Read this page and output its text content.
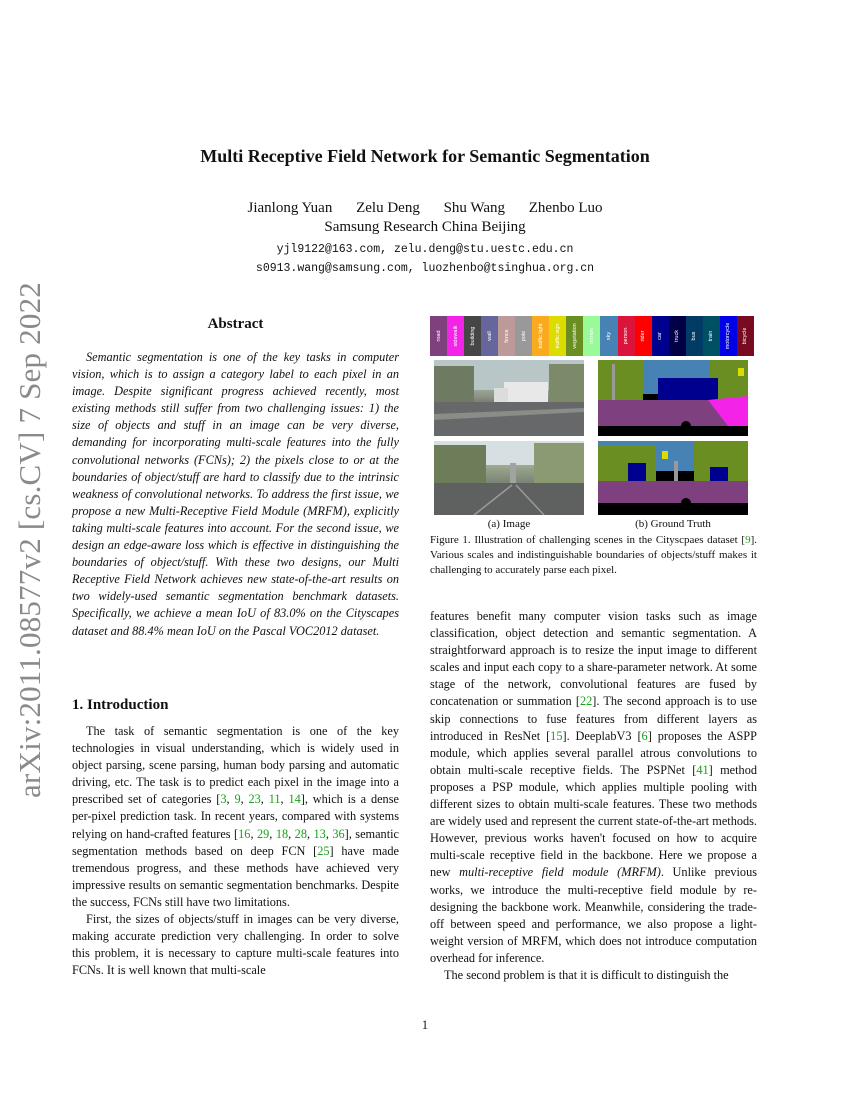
arXiv:2011.08577v2 [cs.CV] 7 Sep 2022
Multi Receptive Field Network for Semantic Segmentation
Jianlong Yuan Zelu Deng Shu Wang Zhenbo Luo
Samsung Research China Beijing
yjl9122@163.com, zelu.deng@stu.uestc.edu.cn
s0913.wang@samsung.com, luozhenbo@tsinghua.org.cn
Abstract
Semantic segmentation is one of the key tasks in computer vision, which is to assign a category label to each pixel in an image. Despite significant progress achieved recently, most existing methods still suffer from two challenging issues: 1) the size of objects and stuff in an image can be very diverse, demanding for incorporating multi-scale features into the fully convolutional networks (FCNs); 2) the pixels close to or at the boundaries of object/stuff are hard to classify due to the intrinsic weakness of convolutional networks. To address the first issue, we propose a new Multi-Receptive Field Module (MRFM), explicitly taking multi-scale features into account. For the second issue, we design an edge-aware loss which is effective in distinguishing the boundaries of object/stuff. With these two designs, our Multi Receptive Field Network achieves new state-of-the-art results on two widely-used semantic segmentation benchmark datasets. Specifically, we achieve a mean IoU of 83.0% on the Cityscapes dataset and 88.4% mean IoU on the Pascal VOC2012 dataset.
1. Introduction

The task of semantic segmentation is one of the key technologies in visual understanding, which is widely used in object parsing, scene parsing, human body parsing and automatic driving, etc. The task is to predict each pixel in the image into a prescribed set of categories [3, 9, 23, 11, 14], which is a dense per-pixel prediction task. In recent years, compared with systems relying on hand-crafted features [16, 29, 18, 28, 13, 36], semantic segmentation methods based on deep FCN [25] have made tremendous progress, and these methods have achieved very impressive results on semantic segmentation benchmarks. Despite the success, FCNs still have two limitations.

First, the sizes of objects/stuff in images can be very diverse, making accurate prediction very challenging. In order to solve this problem, it is necessary to capture multi-scale features into FCNs. It is well known that multi-scale

features benefit many computer vision tasks such as image classification, object detection and semantic segmentation. A straightforward approach is to resize the input image to different scales and input each copy to a share-parameter network. At some stage of the network, convolutional features are fused by concatenation or summation [22]. The second approach is to use skip connections to fuse features from different layers as introduced in ResNet [15]. DeeplabV3 [6] proposes the ASPP module, which applies several parallel atrous convolutions to obtain multi-scale receptive fields. The PSPNet [41] method proposes a PSP module, which applies multiple pooling with different sizes to obtain multi-scale features. These two methods are widely used and represent the current state-of-the-art methods. However, previous works haven't focused on how to acquire multi-scale receptive field in the backbone. Here we propose a new multi-receptive field module (MRFM). Unlike previous works, we introduce the multi-receptive field module by re-designing the backbone work. Meanwhile, considering the trade-off between speed and performance, we also propose a light-weight version of MRFM, which does not introduce computation overhead for inference.

The second problem is that it is difficult to distinguish the

road sidewalk building wall fence pole traffic light traffic sign vegetation terrain sky person rider car truck bus train motorcycle bicycle
(a) Image	(b) Ground Truth
Figure 1. Illustration of challenging scenes in the Cityscpaes dataset [9]. Various scales and indistinguishable boundaries of objects/stuff makes it challenging to accurately parse each pixel.
1
